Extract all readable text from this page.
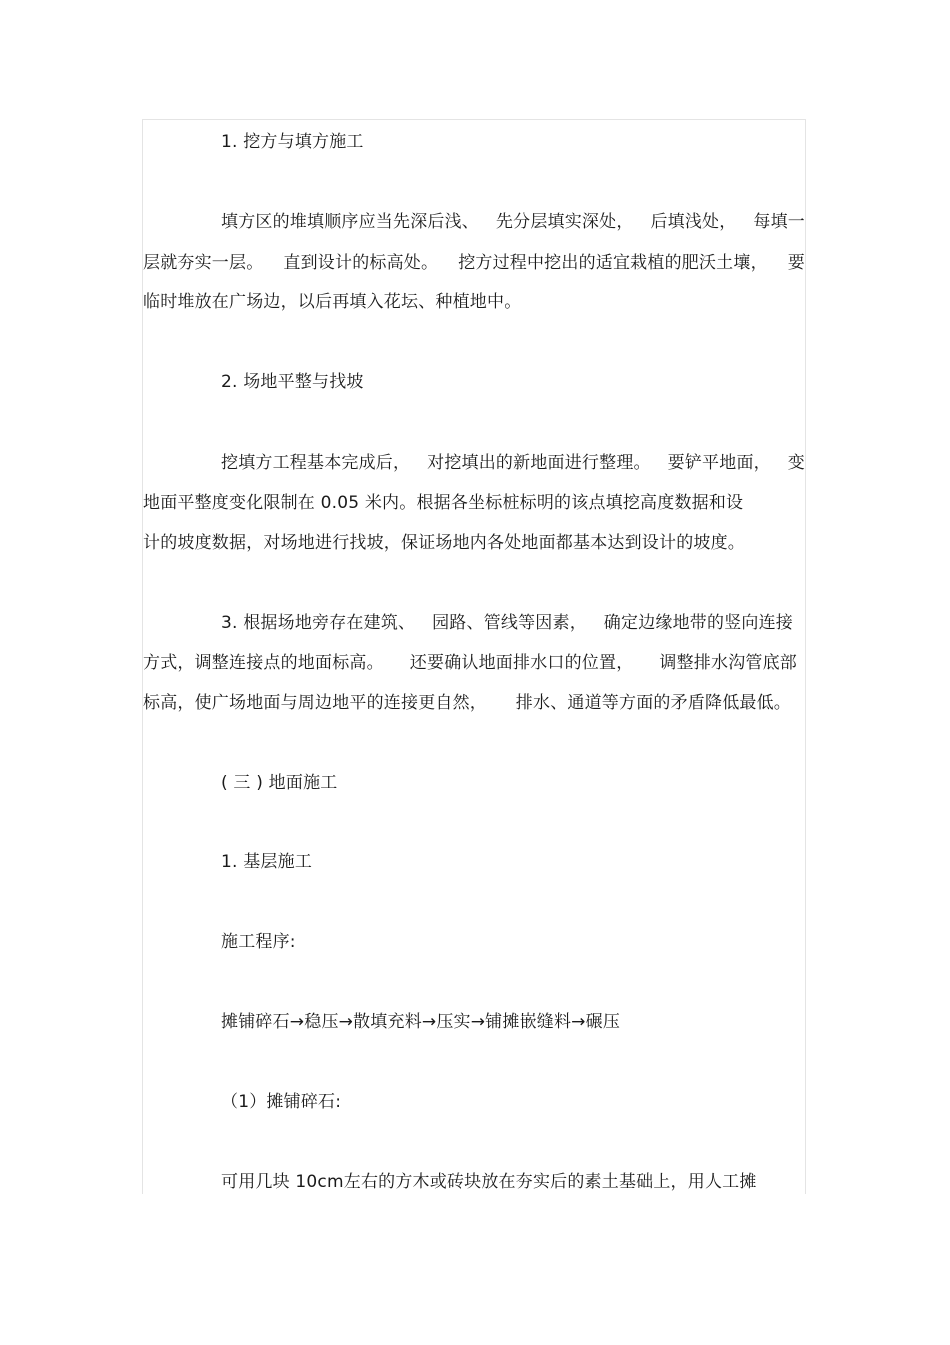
1. 挖方与填方施工
填方区的堆填顺序应当先深后浅、 先分层填实深处， 后填浅处， 每填一
层就夯实一层。 直到设计的标高处。 挖方过程中挖出的适宜栽植的肥沃土壤， 要
临时堆放在广场边，以后再填入花坛、种植地中。
2. 场地平整与找坡
挖填方工程基本完成后， 对挖填出的新地面进行整理。 要铲平地面， 变
地面平整度变化限制在 0.05 米内。根据各坐标桩标明的该点填挖高度数据和设
计的坡度数据，对场地进行找坡，保证场地内各处地面都基本达到设计的坡度。
3. 根据场地旁存在建筑、 园路、管线等因素， 确定边缘地带的竖向连接
方式，调整连接点的地面标高。 还要确认地面排水口的位置， 调整排水沟管底部
标高，使广场地面与周边地平的连接更自然， 排水、通道等方面的矛盾降低最低。
( 三 ) 地面施工
1. 基层施工
施工程序:
摊铺碎石→稳压→散填充料→压实→铺摊嵌缝料→碾压
（1）摊铺碎石:
可用几块 10cm左右的方木或砖块放在夯实后的素土基础上，用人工摊
